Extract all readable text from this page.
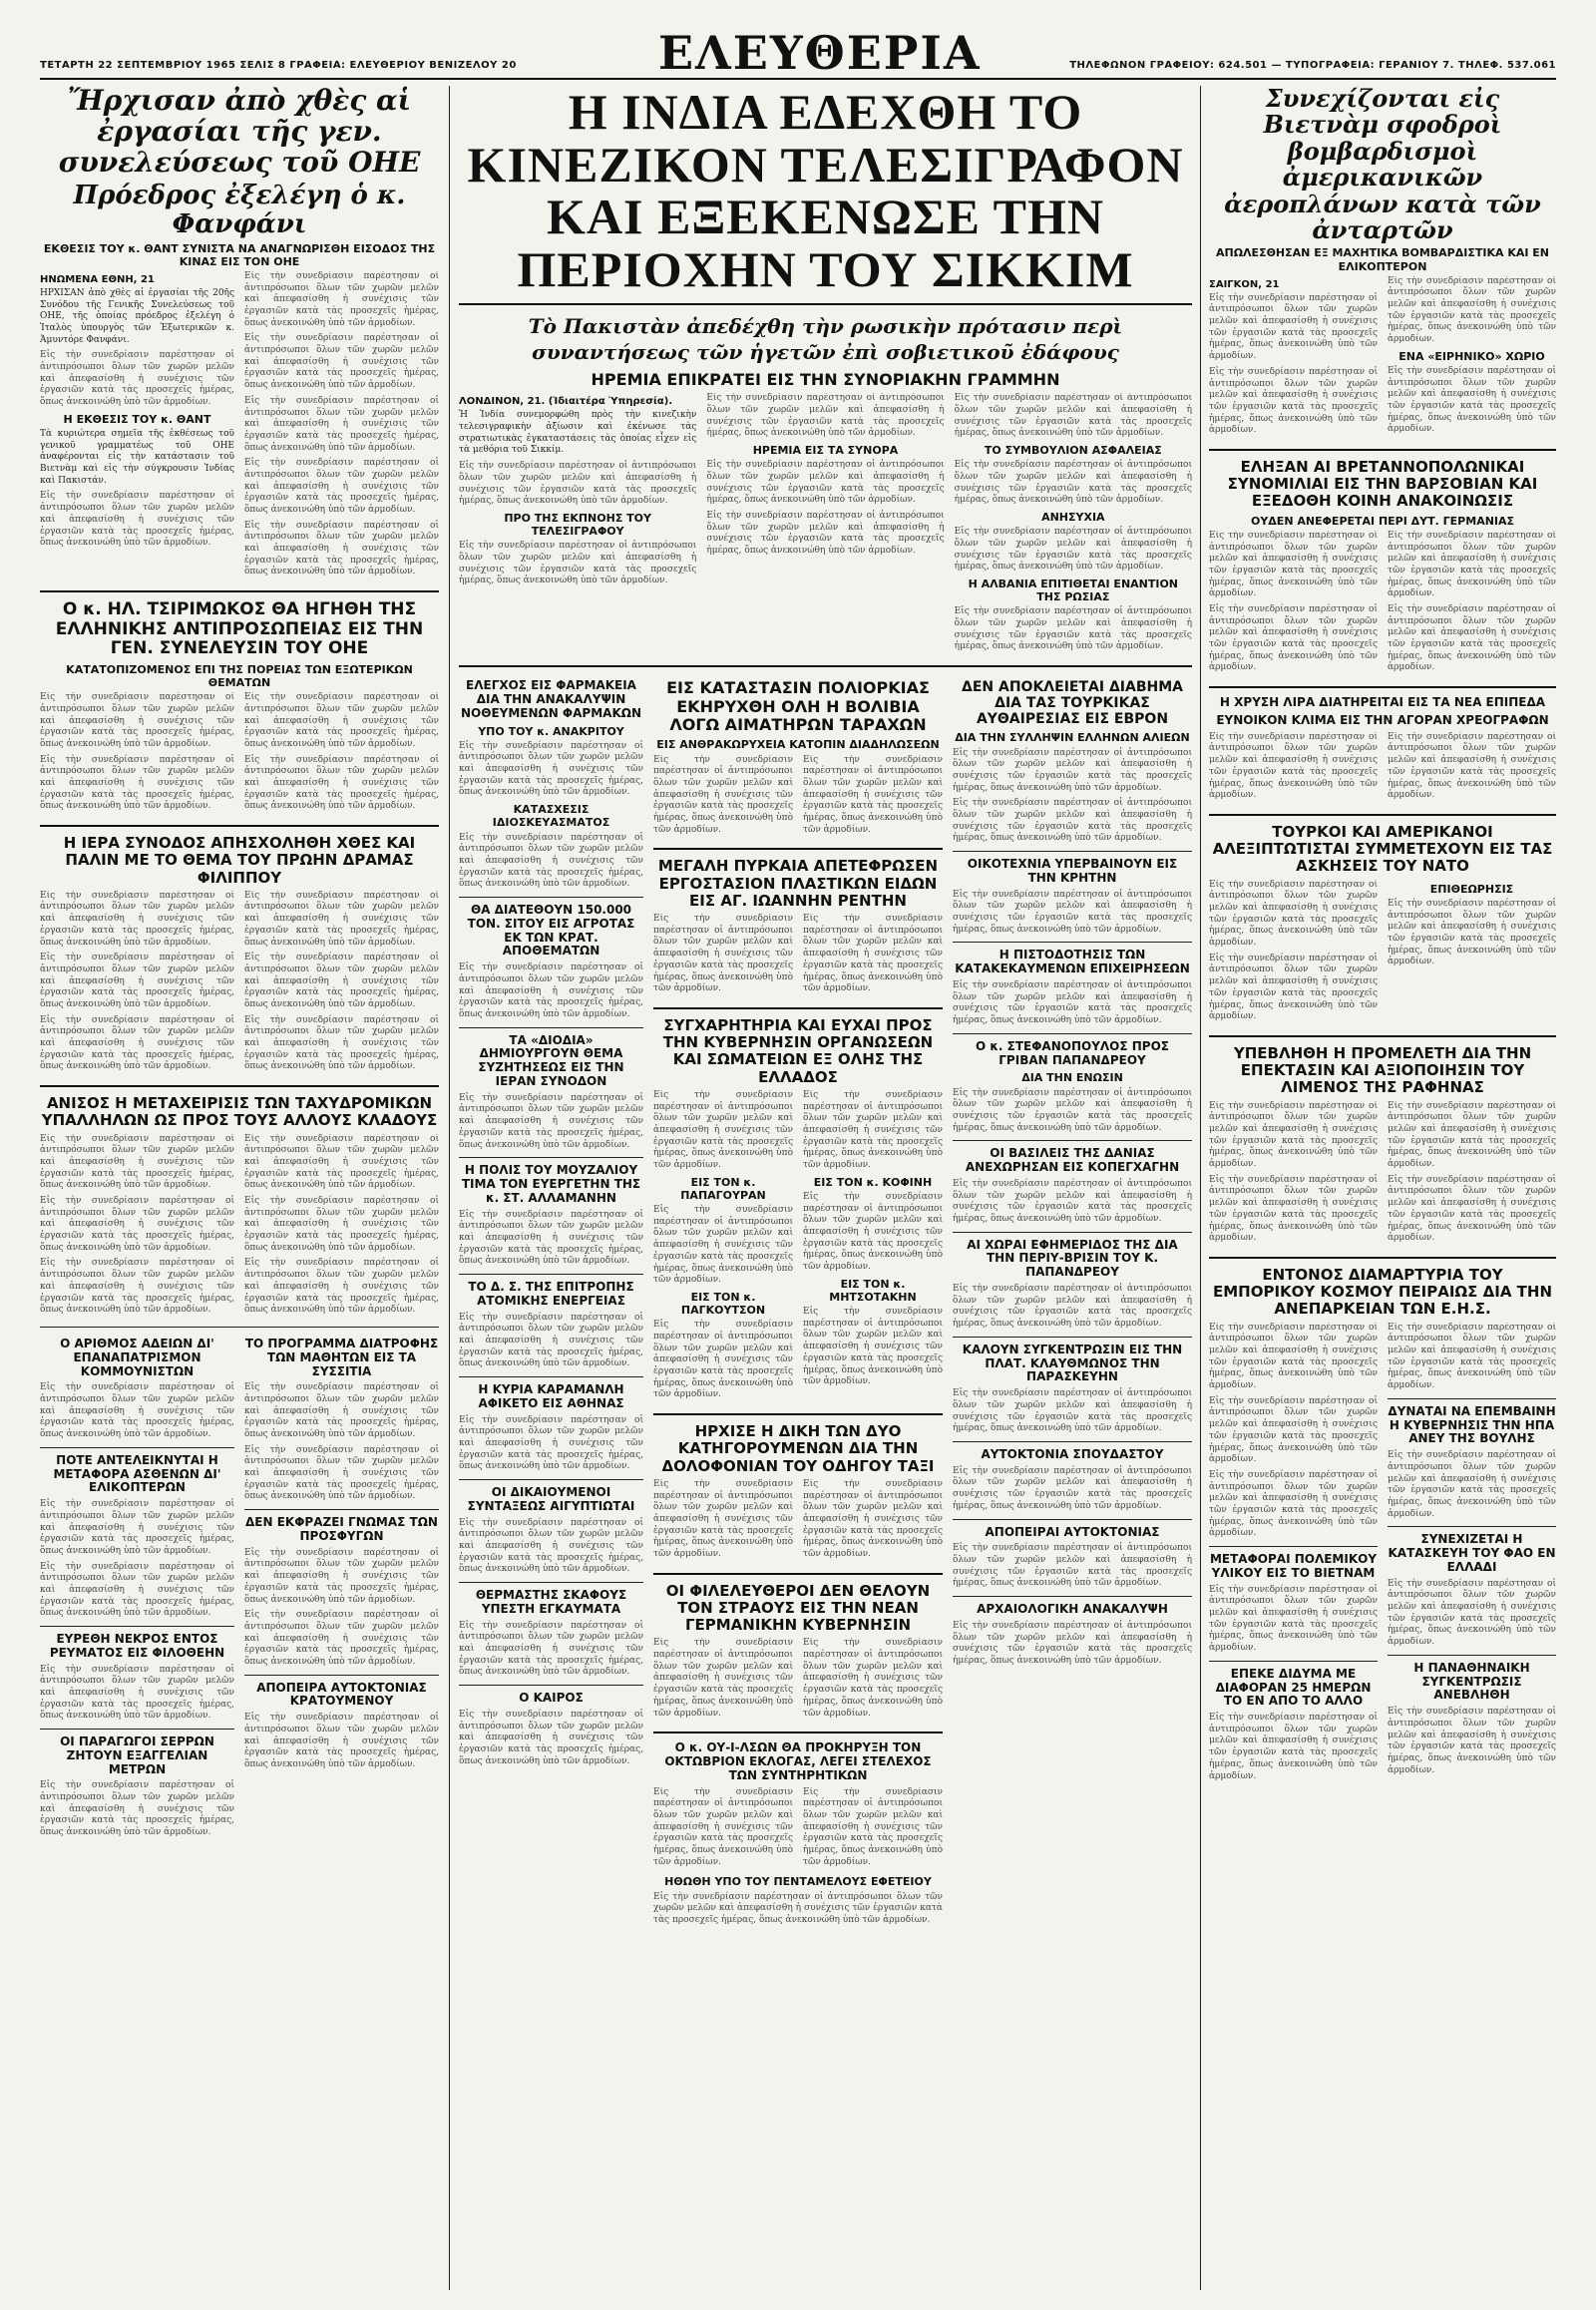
ΤΕΤΑΡΤΗ 22 ΣΕΠΤΕΜΒΡΙΟΥ 1965 ΣΕΛΙΣ 8 ΓΡΑΦΕΙΑ: ΕΛΕΥΘΕΡΙΟΥ ΒΕΝΙΖΕΛΟΥ 20	ΕΛΕΥΘΕΡΙΑ	ΤΗΛΕΦΩΝΟΝ ΓΡΑΦΕΙΟΥ: 624.501 — ΤΥΠΟΓΡΑΦΕΙΑ: ΓΕΡΑΝΙΟΥ 7. ΤΗΛΕΦ. 537.061
Ἤρχισαν ἀπὸ χθὲς αἱ ἐργασίαι τῆς γεν. συνελεύσεως τοῦ ΟΗΕ
Πρόεδρος ἐξελέγη ὁ κ. Φανφάνι
ΕΚΘΕΣΙΣ ΤΟΥ κ. ΘΑΝΤ ΣΥΝΙΣΤΑ ΝΑ ΑΝΑΓΝΩΡΙΣΘΗ ΕΙΣΟΔΟΣ ΤΗΣ ΚΙΝΑΣ ΕΙΣ ΤΟΝ ΟΗΕ
ΗΝΩΜΕΝΑ ΕΘΝΗ, 21

ΗΡΧΙΣΑΝ ἀπὸ χθὲς αἱ ἐργασίαι τῆς 20ῆς Συνόδου τῆς Γενικῆς Συνελεύσεως τοῦ ΟΗΕ, τῆς ὁποίας πρόεδρος ἐξελέγη ὁ Ἰταλὸς ὑπουργὸς τῶν Ἐξωτερικῶν κ. Ἀμυντόρε Φανφάνι.

Εἰς τὴν συνεδρίασιν παρέστησαν οἱ ἀντιπρόσωποι ὅλων τῶν χωρῶν μελῶν καὶ ἀπεφασίσθη ἡ συνέχισις τῶν ἐργασιῶν κατὰ τὰς προσεχεῖς ἡμέρας, ὅπως ἀνεκοινώθη ὑπὸ τῶν ἁρμοδίων.

Η ΕΚΘΕΣΙΣ ΤΟΥ κ. ΘΑΝΤ

Τὰ κυριώτερα σημεῖα τῆς ἐκθέσεως τοῦ γενικοῦ γραμματέως τοῦ ΟΗΕ ἀναφέρονται εἰς τὴν κατάστασιν τοῦ Βιετνὰμ καὶ εἰς τὴν σύγκρουσιν Ἰνδίας καὶ Πακιστάν.

Εἰς τὴν συνεδρίασιν παρέστησαν οἱ ἀντιπρόσωποι ὅλων τῶν χωρῶν μελῶν καὶ ἀπεφασίσθη ἡ συνέχισις τῶν ἐργασιῶν κατὰ τὰς προσεχεῖς ἡμέρας, ὅπως ἀνεκοινώθη ὑπὸ τῶν ἁρμοδίων.

Εἰς τὴν συνεδρίασιν παρέστησαν οἱ ἀντιπρόσωποι ὅλων τῶν χωρῶν μελῶν καὶ ἀπεφασίσθη ἡ συνέχισις τῶν ἐργασιῶν κατὰ τὰς προσεχεῖς ἡμέρας, ὅπως ἀνεκοινώθη ὑπὸ τῶν ἁρμοδίων.

Εἰς τὴν συνεδρίασιν παρέστησαν οἱ ἀντιπρόσωποι ὅλων τῶν χωρῶν μελῶν καὶ ἀπεφασίσθη ἡ συνέχισις τῶν ἐργασιῶν κατὰ τὰς προσεχεῖς ἡμέρας, ὅπως ἀνεκοινώθη ὑπὸ τῶν ἁρμοδίων.

Εἰς τὴν συνεδρίασιν παρέστησαν οἱ ἀντιπρόσωποι ὅλων τῶν χωρῶν μελῶν καὶ ἀπεφασίσθη ἡ συνέχισις τῶν ἐργασιῶν κατὰ τὰς προσεχεῖς ἡμέρας, ὅπως ἀνεκοινώθη ὑπὸ τῶν ἁρμοδίων.

Εἰς τὴν συνεδρίασιν παρέστησαν οἱ ἀντιπρόσωποι ὅλων τῶν χωρῶν μελῶν καὶ ἀπεφασίσθη ἡ συνέχισις τῶν ἐργασιῶν κατὰ τὰς προσεχεῖς ἡμέρας, ὅπως ἀνεκοινώθη ὑπὸ τῶν ἁρμοδίων.

Εἰς τὴν συνεδρίασιν παρέστησαν οἱ ἀντιπρόσωποι ὅλων τῶν χωρῶν μελῶν καὶ ἀπεφασίσθη ἡ συνέχισις τῶν ἐργασιῶν κατὰ τὰς προσεχεῖς ἡμέρας, ὅπως ἀνεκοινώθη ὑπὸ τῶν ἁρμοδίων.

Ο κ. ΗΛ. ΤΣΙΡΙΜΩΚΟΣ ΘΑ ΗΓΗΘΗ ΤΗΣ ΕΛΛΗΝΙΚΗΣ ΑΝΤΙΠΡΟΣΩΠΕΙΑΣ ΕΙΣ ΤΗΝ ΓΕΝ. ΣΥΝΕΛΕΥΣΙΝ ΤΟΥ ΟΗΕ
ΚΑΤΑΤΟΠΙΖΟΜΕΝΟΣ ΕΠΙ ΤΗΣ ΠΟΡΕΙΑΣ ΤΩΝ ΕΞΩΤΕΡΙΚΩΝ ΘΕΜΑΤΩΝ

Εἰς τὴν συνεδρίασιν παρέστησαν οἱ ἀντιπρόσωποι ὅλων τῶν χωρῶν μελῶν καὶ ἀπεφασίσθη ἡ συνέχισις τῶν ἐργασιῶν κατὰ τὰς προσεχεῖς ἡμέρας, ὅπως ἀνεκοινώθη ὑπὸ τῶν ἁρμοδίων.

Εἰς τὴν συνεδρίασιν παρέστησαν οἱ ἀντιπρόσωποι ὅλων τῶν χωρῶν μελῶν καὶ ἀπεφασίσθη ἡ συνέχισις τῶν ἐργασιῶν κατὰ τὰς προσεχεῖς ἡμέρας, ὅπως ἀνεκοινώθη ὑπὸ τῶν ἁρμοδίων.

Εἰς τὴν συνεδρίασιν παρέστησαν οἱ ἀντιπρόσωποι ὅλων τῶν χωρῶν μελῶν καὶ ἀπεφασίσθη ἡ συνέχισις τῶν ἐργασιῶν κατὰ τὰς προσεχεῖς ἡμέρας, ὅπως ἀνεκοινώθη ὑπὸ τῶν ἁρμοδίων.

Εἰς τὴν συνεδρίασιν παρέστησαν οἱ ἀντιπρόσωποι ὅλων τῶν χωρῶν μελῶν καὶ ἀπεφασίσθη ἡ συνέχισις τῶν ἐργασιῶν κατὰ τὰς προσεχεῖς ἡμέρας, ὅπως ἀνεκοινώθη ὑπὸ τῶν ἁρμοδίων.

Η ΙΕΡΑ ΣΥΝΟΔΟΣ ΑΠΗΣΧΟΛΗΘΗ ΧΘΕΣ ΚΑΙ ΠΑΛΙΝ ΜΕ ΤΟ ΘΕΜΑ ΤΟΥ ΠΡΩΗΝ ΔΡΑΜΑΣ ΦΙΛΙΠΠΟΥ

Εἰς τὴν συνεδρίασιν παρέστησαν οἱ ἀντιπρόσωποι ὅλων τῶν χωρῶν μελῶν καὶ ἀπεφασίσθη ἡ συνέχισις τῶν ἐργασιῶν κατὰ τὰς προσεχεῖς ἡμέρας, ὅπως ἀνεκοινώθη ὑπὸ τῶν ἁρμοδίων.

Εἰς τὴν συνεδρίασιν παρέστησαν οἱ ἀντιπρόσωποι ὅλων τῶν χωρῶν μελῶν καὶ ἀπεφασίσθη ἡ συνέχισις τῶν ἐργασιῶν κατὰ τὰς προσεχεῖς ἡμέρας, ὅπως ἀνεκοινώθη ὑπὸ τῶν ἁρμοδίων.

Εἰς τὴν συνεδρίασιν παρέστησαν οἱ ἀντιπρόσωποι ὅλων τῶν χωρῶν μελῶν καὶ ἀπεφασίσθη ἡ συνέχισις τῶν ἐργασιῶν κατὰ τὰς προσεχεῖς ἡμέρας, ὅπως ἀνεκοινώθη ὑπὸ τῶν ἁρμοδίων.

Εἰς τὴν συνεδρίασιν παρέστησαν οἱ ἀντιπρόσωποι ὅλων τῶν χωρῶν μελῶν καὶ ἀπεφασίσθη ἡ συνέχισις τῶν ἐργασιῶν κατὰ τὰς προσεχεῖς ἡμέρας, ὅπως ἀνεκοινώθη ὑπὸ τῶν ἁρμοδίων.

Εἰς τὴν συνεδρίασιν παρέστησαν οἱ ἀντιπρόσωποι ὅλων τῶν χωρῶν μελῶν καὶ ἀπεφασίσθη ἡ συνέχισις τῶν ἐργασιῶν κατὰ τὰς προσεχεῖς ἡμέρας, ὅπως ἀνεκοινώθη ὑπὸ τῶν ἁρμοδίων.

Εἰς τὴν συνεδρίασιν παρέστησαν οἱ ἀντιπρόσωποι ὅλων τῶν χωρῶν μελῶν καὶ ἀπεφασίσθη ἡ συνέχισις τῶν ἐργασιῶν κατὰ τὰς προσεχεῖς ἡμέρας, ὅπως ἀνεκοινώθη ὑπὸ τῶν ἁρμοδίων.

ΑΝΙΣΟΣ Η ΜΕΤΑΧΕΙΡΙΣΙΣ ΤΩΝ ΤΑΧΥΔΡΟΜΙΚΩΝ ΥΠΑΛΛΗΛΩΝ ΩΣ ΠΡΟΣ ΤΟΥΣ ΑΛΛΟΥΣ ΚΛΑΔΟΥΣ

Εἰς τὴν συνεδρίασιν παρέστησαν οἱ ἀντιπρόσωποι ὅλων τῶν χωρῶν μελῶν καὶ ἀπεφασίσθη ἡ συνέχισις τῶν ἐργασιῶν κατὰ τὰς προσεχεῖς ἡμέρας, ὅπως ἀνεκοινώθη ὑπὸ τῶν ἁρμοδίων.

Εἰς τὴν συνεδρίασιν παρέστησαν οἱ ἀντιπρόσωποι ὅλων τῶν χωρῶν μελῶν καὶ ἀπεφασίσθη ἡ συνέχισις τῶν ἐργασιῶν κατὰ τὰς προσεχεῖς ἡμέρας, ὅπως ἀνεκοινώθη ὑπὸ τῶν ἁρμοδίων.

Εἰς τὴν συνεδρίασιν παρέστησαν οἱ ἀντιπρόσωποι ὅλων τῶν χωρῶν μελῶν καὶ ἀπεφασίσθη ἡ συνέχισις τῶν ἐργασιῶν κατὰ τὰς προσεχεῖς ἡμέρας, ὅπως ἀνεκοινώθη ὑπὸ τῶν ἁρμοδίων.

Εἰς τὴν συνεδρίασιν παρέστησαν οἱ ἀντιπρόσωποι ὅλων τῶν χωρῶν μελῶν καὶ ἀπεφασίσθη ἡ συνέχισις τῶν ἐργασιῶν κατὰ τὰς προσεχεῖς ἡμέρας, ὅπως ἀνεκοινώθη ὑπὸ τῶν ἁρμοδίων.

Εἰς τὴν συνεδρίασιν παρέστησαν οἱ ἀντιπρόσωποι ὅλων τῶν χωρῶν μελῶν καὶ ἀπεφασίσθη ἡ συνέχισις τῶν ἐργασιῶν κατὰ τὰς προσεχεῖς ἡμέρας, ὅπως ἀνεκοινώθη ὑπὸ τῶν ἁρμοδίων.

Εἰς τὴν συνεδρίασιν παρέστησαν οἱ ἀντιπρόσωποι ὅλων τῶν χωρῶν μελῶν καὶ ἀπεφασίσθη ἡ συνέχισις τῶν ἐργασιῶν κατὰ τὰς προσεχεῖς ἡμέρας, ὅπως ἀνεκοινώθη ὑπὸ τῶν ἁρμοδίων.

Ο ΑΡΙΘΜΟΣ ΑΔΕΙΩΝ ΔΙ' ΕΠΑΝΑΠΑΤΡΙΣΜΟΝ ΚΟΜΜΟΥΝΙΣΤΩΝ

Εἰς τὴν συνεδρίασιν παρέστησαν οἱ ἀντιπρόσωποι ὅλων τῶν χωρῶν μελῶν καὶ ἀπεφασίσθη ἡ συνέχισις τῶν ἐργασιῶν κατὰ τὰς προσεχεῖς ἡμέρας, ὅπως ἀνεκοινώθη ὑπὸ τῶν ἁρμοδίων.

ΠΟΤΕ ΑΝΤΕΛΕΙΚΝΥΤΑΙ Η ΜΕΤΑΦΟΡΑ ΑΣΘΕΝΩΝ ΔΙ' ΕΛΙΚΟΠΤΕΡΩΝ

Εἰς τὴν συνεδρίασιν παρέστησαν οἱ ἀντιπρόσωποι ὅλων τῶν χωρῶν μελῶν καὶ ἀπεφασίσθη ἡ συνέχισις τῶν ἐργασιῶν κατὰ τὰς προσεχεῖς ἡμέρας, ὅπως ἀνεκοινώθη ὑπὸ τῶν ἁρμοδίων.

Εἰς τὴν συνεδρίασιν παρέστησαν οἱ ἀντιπρόσωποι ὅλων τῶν χωρῶν μελῶν καὶ ἀπεφασίσθη ἡ συνέχισις τῶν ἐργασιῶν κατὰ τὰς προσεχεῖς ἡμέρας, ὅπως ἀνεκοινώθη ὑπὸ τῶν ἁρμοδίων.

ΕΥΡΕΘΗ ΝΕΚΡΟΣ ΕΝΤΟΣ ΡΕΥΜΑΤΟΣ ΕΙΣ ΦΙΛΟΘΕΗΝ

Εἰς τὴν συνεδρίασιν παρέστησαν οἱ ἀντιπρόσωποι ὅλων τῶν χωρῶν μελῶν καὶ ἀπεφασίσθη ἡ συνέχισις τῶν ἐργασιῶν κατὰ τὰς προσεχεῖς ἡμέρας, ὅπως ἀνεκοινώθη ὑπὸ τῶν ἁρμοδίων.

ΟΙ ΠΑΡΑΓΩΓΟΙ ΣΕΡΡΩΝ ΖΗΤΟΥΝ ΕΞΑΓΓΕΛΙΑΝ ΜΕΤΡΩΝ

Εἰς τὴν συνεδρίασιν παρέστησαν οἱ ἀντιπρόσωποι ὅλων τῶν χωρῶν μελῶν καὶ ἀπεφασίσθη ἡ συνέχισις τῶν ἐργασιῶν κατὰ τὰς προσεχεῖς ἡμέρας, ὅπως ἀνεκοινώθη ὑπὸ τῶν ἁρμοδίων.

ΤΟ ΠΡΟΓΡΑΜΜΑ ΔΙΑΤΡΟΦΗΣ ΤΩΝ ΜΑΘΗΤΩΝ ΕΙΣ ΤΑ ΣΥΣΣΙΤΙΑ

Εἰς τὴν συνεδρίασιν παρέστησαν οἱ ἀντιπρόσωποι ὅλων τῶν χωρῶν μελῶν καὶ ἀπεφασίσθη ἡ συνέχισις τῶν ἐργασιῶν κατὰ τὰς προσεχεῖς ἡμέρας, ὅπως ἀνεκοινώθη ὑπὸ τῶν ἁρμοδίων.

Εἰς τὴν συνεδρίασιν παρέστησαν οἱ ἀντιπρόσωποι ὅλων τῶν χωρῶν μελῶν καὶ ἀπεφασίσθη ἡ συνέχισις τῶν ἐργασιῶν κατὰ τὰς προσεχεῖς ἡμέρας, ὅπως ἀνεκοινώθη ὑπὸ τῶν ἁρμοδίων.

ΔΕΝ ΕΚΦΡΑΖΕΙ ΓΝΩΜΑΣ ΤΩΝ ΠΡΟΣΦΥΓΩΝ

Εἰς τὴν συνεδρίασιν παρέστησαν οἱ ἀντιπρόσωποι ὅλων τῶν χωρῶν μελῶν καὶ ἀπεφασίσθη ἡ συνέχισις τῶν ἐργασιῶν κατὰ τὰς προσεχεῖς ἡμέρας, ὅπως ἀνεκοινώθη ὑπὸ τῶν ἁρμοδίων.

Εἰς τὴν συνεδρίασιν παρέστησαν οἱ ἀντιπρόσωποι ὅλων τῶν χωρῶν μελῶν καὶ ἀπεφασίσθη ἡ συνέχισις τῶν ἐργασιῶν κατὰ τὰς προσεχεῖς ἡμέρας, ὅπως ἀνεκοινώθη ὑπὸ τῶν ἁρμοδίων.

ΑΠΟΠΕΙΡΑ ΑΥΤΟΚΤΟΝΙΑΣ ΚΡΑΤΟΥΜΕΝΟΥ

Εἰς τὴν συνεδρίασιν παρέστησαν οἱ ἀντιπρόσωποι ὅλων τῶν χωρῶν μελῶν καὶ ἀπεφασίσθη ἡ συνέχισις τῶν ἐργασιῶν κατὰ τὰς προσεχεῖς ἡμέρας, ὅπως ἀνεκοινώθη ὑπὸ τῶν ἁρμοδίων.

Η ΙΝΔΙΑ ΕΔΕΧΘΗ ΤΟ ΚΙΝΕΖΙΚΟΝ ΤΕΛΕΣΙΓΡΑΦΟΝ ΚΑΙ ΕΞΕΚΕΝΩΣΕ ΤΗΝ ΠΕΡΙΟΧΗΝ ΤΟΥ ΣΙΚΚΙΜ
Τὸ Πακιστὰν ἀπεδέχθη τὴν ρωσικὴν πρότασιν περὶ συναντήσεως τῶν ἡγετῶν ἐπὶ σοβιετικοῦ ἐδάφους
ΗΡΕΜΙΑ ΕΠΙΚΡΑΤΕΙ ΕΙΣ ΤΗΝ ΣΥΝΟΡΙΑΚΗΝ ΓΡΑΜΜΗΝ
ΛΟΝΔΙΝΟΝ, 21. (Ἰδιαιτέρα Ὑπηρεσία).

Ἡ Ἰνδία συνεμορφώθη πρὸς τὴν κινεζικὴν τελεσιγραφικὴν ἀξίωσιν καὶ ἐκένωσε τὰς στρατιωτικὰς ἐγκαταστάσεις τὰς ὁποίας εἶχεν εἰς τὰ μεθόρια τοῦ Σικκίμ.

Εἰς τὴν συνεδρίασιν παρέστησαν οἱ ἀντιπρόσωποι ὅλων τῶν χωρῶν μελῶν καὶ ἀπεφασίσθη ἡ συνέχισις τῶν ἐργασιῶν κατὰ τὰς προσεχεῖς ἡμέρας, ὅπως ἀνεκοινώθη ὑπὸ τῶν ἁρμοδίων.

ΠΡΟ ΤΗΣ ΕΚΠΝΟΗΣ ΤΟΥ ΤΕΛΕΣΙΓΡΑΦΟΥ

Εἰς τὴν συνεδρίασιν παρέστησαν οἱ ἀντιπρόσωποι ὅλων τῶν χωρῶν μελῶν καὶ ἀπεφασίσθη ἡ συνέχισις τῶν ἐργασιῶν κατὰ τὰς προσεχεῖς ἡμέρας, ὅπως ἀνεκοινώθη ὑπὸ τῶν ἁρμοδίων.

Εἰς τὴν συνεδρίασιν παρέστησαν οἱ ἀντιπρόσωποι ὅλων τῶν χωρῶν μελῶν καὶ ἀπεφασίσθη ἡ συνέχισις τῶν ἐργασιῶν κατὰ τὰς προσεχεῖς ἡμέρας, ὅπως ἀνεκοινώθη ὑπὸ τῶν ἁρμοδίων.

ΗΡΕΜΙΑ ΕΙΣ ΤΑ ΣΥΝΟΡΑ

Εἰς τὴν συνεδρίασιν παρέστησαν οἱ ἀντιπρόσωποι ὅλων τῶν χωρῶν μελῶν καὶ ἀπεφασίσθη ἡ συνέχισις τῶν ἐργασιῶν κατὰ τὰς προσεχεῖς ἡμέρας, ὅπως ἀνεκοινώθη ὑπὸ τῶν ἁρμοδίων.

Εἰς τὴν συνεδρίασιν παρέστησαν οἱ ἀντιπρόσωποι ὅλων τῶν χωρῶν μελῶν καὶ ἀπεφασίσθη ἡ συνέχισις τῶν ἐργασιῶν κατὰ τὰς προσεχεῖς ἡμέρας, ὅπως ἀνεκοινώθη ὑπὸ τῶν ἁρμοδίων.

Εἰς τὴν συνεδρίασιν παρέστησαν οἱ ἀντιπρόσωποι ὅλων τῶν χωρῶν μελῶν καὶ ἀπεφασίσθη ἡ συνέχισις τῶν ἐργασιῶν κατὰ τὰς προσεχεῖς ἡμέρας, ὅπως ἀνεκοινώθη ὑπὸ τῶν ἁρμοδίων.

ΤΟ ΣΥΜΒΟΥΛΙΟΝ ΑΣΦΑΛΕΙΑΣ

Εἰς τὴν συνεδρίασιν παρέστησαν οἱ ἀντιπρόσωποι ὅλων τῶν χωρῶν μελῶν καὶ ἀπεφασίσθη ἡ συνέχισις τῶν ἐργασιῶν κατὰ τὰς προσεχεῖς ἡμέρας, ὅπως ἀνεκοινώθη ὑπὸ τῶν ἁρμοδίων.

ΑΝΗΣΥΧΙΑ

Εἰς τὴν συνεδρίασιν παρέστησαν οἱ ἀντιπρόσωποι ὅλων τῶν χωρῶν μελῶν καὶ ἀπεφασίσθη ἡ συνέχισις τῶν ἐργασιῶν κατὰ τὰς προσεχεῖς ἡμέρας, ὅπως ἀνεκοινώθη ὑπὸ τῶν ἁρμοδίων.

Η ΑΛΒΑΝΙΑ ΕΠΙΤΙΘΕΤΑΙ ΕΝΑΝΤΙΟΝ ΤΗΣ ΡΩΣΙΑΣ

Εἰς τὴν συνεδρίασιν παρέστησαν οἱ ἀντιπρόσωποι ὅλων τῶν χωρῶν μελῶν καὶ ἀπεφασίσθη ἡ συνέχισις τῶν ἐργασιῶν κατὰ τὰς προσεχεῖς ἡμέρας, ὅπως ἀνεκοινώθη ὑπὸ τῶν ἁρμοδίων.

ΕΛΕΓΧΟΣ ΕΙΣ ΦΑΡΜΑΚΕΙΑ ΔΙΑ ΤΗΝ ΑΝΑΚΑΛΥΨΙΝ ΝΟΘΕΥΜΕΝΩΝ ΦΑΡΜΑΚΩΝ
ΥΠΟ ΤΟΥ κ. ΑΝΑΚΡΙΤΟΥ

Εἰς τὴν συνεδρίασιν παρέστησαν οἱ ἀντιπρόσωποι ὅλων τῶν χωρῶν μελῶν καὶ ἀπεφασίσθη ἡ συνέχισις τῶν ἐργασιῶν κατὰ τὰς προσεχεῖς ἡμέρας, ὅπως ἀνεκοινώθη ὑπὸ τῶν ἁρμοδίων.

ΚΑΤΑΣΧΕΣΙΣ ΙΔΙΟΣΚΕΥΑΣΜΑΤΟΣ

Εἰς τὴν συνεδρίασιν παρέστησαν οἱ ἀντιπρόσωποι ὅλων τῶν χωρῶν μελῶν καὶ ἀπεφασίσθη ἡ συνέχισις τῶν ἐργασιῶν κατὰ τὰς προσεχεῖς ἡμέρας, ὅπως ἀνεκοινώθη ὑπὸ τῶν ἁρμοδίων.

ΘΑ ΔΙΑΤΕΘΟΥΝ 150.000 ΤΟΝ. ΣΙΤΟΥ ΕΙΣ ΑΓΡΟΤΑΣ ΕΚ ΤΩΝ ΚΡΑΤ. ΑΠΟΘΕΜΑΤΩΝ

Εἰς τὴν συνεδρίασιν παρέστησαν οἱ ἀντιπρόσωποι ὅλων τῶν χωρῶν μελῶν καὶ ἀπεφασίσθη ἡ συνέχισις τῶν ἐργασιῶν κατὰ τὰς προσεχεῖς ἡμέρας, ὅπως ἀνεκοινώθη ὑπὸ τῶν ἁρμοδίων.

ΤΑ «ΔΙΟΔΙΑ» ΔΗΜΙΟΥΡΓΟΥΝ ΘΕΜΑ ΣΥΖΗΤΗΣΕΩΣ ΕΙΣ ΤΗΝ ΙΕΡΑΝ ΣΥΝΟΔΟΝ

Εἰς τὴν συνεδρίασιν παρέστησαν οἱ ἀντιπρόσωποι ὅλων τῶν χωρῶν μελῶν καὶ ἀπεφασίσθη ἡ συνέχισις τῶν ἐργασιῶν κατὰ τὰς προσεχεῖς ἡμέρας, ὅπως ἀνεκοινώθη ὑπὸ τῶν ἁρμοδίων.

Η ΠΟΛΙΣ ΤΟΥ ΜΟΥΖΑΛΙΟΥ ΤΙΜΑ ΤΟΝ ΕΥΕΡΓΕΤΗΝ ΤΗΣ κ. ΣΤ. ΑΛΛΑΜΑΝΗΝ

Εἰς τὴν συνεδρίασιν παρέστησαν οἱ ἀντιπρόσωποι ὅλων τῶν χωρῶν μελῶν καὶ ἀπεφασίσθη ἡ συνέχισις τῶν ἐργασιῶν κατὰ τὰς προσεχεῖς ἡμέρας, ὅπως ἀνεκοινώθη ὑπὸ τῶν ἁρμοδίων.

ΤΟ Δ. Σ. ΤΗΣ ΕΠΙΤΡΟΠΗΣ ΑΤΟΜΙΚΗΣ ΕΝΕΡΓΕΙΑΣ

Εἰς τὴν συνεδρίασιν παρέστησαν οἱ ἀντιπρόσωποι ὅλων τῶν χωρῶν μελῶν καὶ ἀπεφασίσθη ἡ συνέχισις τῶν ἐργασιῶν κατὰ τὰς προσεχεῖς ἡμέρας, ὅπως ἀνεκοινώθη ὑπὸ τῶν ἁρμοδίων.

Η ΚΥΡΙΑ ΚΑΡΑΜΑΝΛΗ ΑΦΙΚΕΤΟ ΕΙΣ ΑΘΗΝΑΣ

Εἰς τὴν συνεδρίασιν παρέστησαν οἱ ἀντιπρόσωποι ὅλων τῶν χωρῶν μελῶν καὶ ἀπεφασίσθη ἡ συνέχισις τῶν ἐργασιῶν κατὰ τὰς προσεχεῖς ἡμέρας, ὅπως ἀνεκοινώθη ὑπὸ τῶν ἁρμοδίων.

ΟΙ ΔΙΚΑΙΟΥΜΕΝΟΙ ΣΥΝΤΑΞΕΩΣ ΑΙΓΥΠΤΙΩΤΑΙ

Εἰς τὴν συνεδρίασιν παρέστησαν οἱ ἀντιπρόσωποι ὅλων τῶν χωρῶν μελῶν καὶ ἀπεφασίσθη ἡ συνέχισις τῶν ἐργασιῶν κατὰ τὰς προσεχεῖς ἡμέρας, ὅπως ἀνεκοινώθη ὑπὸ τῶν ἁρμοδίων.

ΘΕΡΜΑΣΤΗΣ ΣΚΑΦΟΥΣ ΥΠΕΣΤΗ ΕΓΚΑΥΜΑΤΑ

Εἰς τὴν συνεδρίασιν παρέστησαν οἱ ἀντιπρόσωποι ὅλων τῶν χωρῶν μελῶν καὶ ἀπεφασίσθη ἡ συνέχισις τῶν ἐργασιῶν κατὰ τὰς προσεχεῖς ἡμέρας, ὅπως ἀνεκοινώθη ὑπὸ τῶν ἁρμοδίων.

Ο ΚΑΙΡΟΣ

Εἰς τὴν συνεδρίασιν παρέστησαν οἱ ἀντιπρόσωποι ὅλων τῶν χωρῶν μελῶν καὶ ἀπεφασίσθη ἡ συνέχισις τῶν ἐργασιῶν κατὰ τὰς προσεχεῖς ἡμέρας, ὅπως ἀνεκοινώθη ὑπὸ τῶν ἁρμοδίων.

ΕΙΣ ΚΑΤΑΣΤΑΣΙΝ ΠΟΛΙΟΡΚΙΑΣ ΕΚΗΡΥΧΘΗ ΟΛΗ Η ΒΟΛΙΒΙΑ ΛΟΓΩ ΑΙΜΑΤΗΡΩΝ ΤΑΡΑΧΩΝ
ΕΙΣ ΑΝΘΡΑΚΩΡΥΧΕΙΑ ΚΑΤΟΠΙΝ ΔΙΑΔΗΛΩΣΕΩΝ

Εἰς τὴν συνεδρίασιν παρέστησαν οἱ ἀντιπρόσωποι ὅλων τῶν χωρῶν μελῶν καὶ ἀπεφασίσθη ἡ συνέχισις τῶν ἐργασιῶν κατὰ τὰς προσεχεῖς ἡμέρας, ὅπως ἀνεκοινώθη ὑπὸ τῶν ἁρμοδίων.

Εἰς τὴν συνεδρίασιν παρέστησαν οἱ ἀντιπρόσωποι ὅλων τῶν χωρῶν μελῶν καὶ ἀπεφασίσθη ἡ συνέχισις τῶν ἐργασιῶν κατὰ τὰς προσεχεῖς ἡμέρας, ὅπως ἀνεκοινώθη ὑπὸ τῶν ἁρμοδίων.

ΜΕΓΑΛΗ ΠΥΡΚΑΙΑ ΑΠΕΤΕΦΡΩΣΕΝ ΕΡΓΟΣΤΑΣΙΟΝ ΠΛΑΣΤΙΚΩΝ ΕΙΔΩΝ ΕΙΣ ΑΓ. ΙΩΑΝΝΗΝ ΡΕΝΤΗΝ

Εἰς τὴν συνεδρίασιν παρέστησαν οἱ ἀντιπρόσωποι ὅλων τῶν χωρῶν μελῶν καὶ ἀπεφασίσθη ἡ συνέχισις τῶν ἐργασιῶν κατὰ τὰς προσεχεῖς ἡμέρας, ὅπως ἀνεκοινώθη ὑπὸ τῶν ἁρμοδίων.

Εἰς τὴν συνεδρίασιν παρέστησαν οἱ ἀντιπρόσωποι ὅλων τῶν χωρῶν μελῶν καὶ ἀπεφασίσθη ἡ συνέχισις τῶν ἐργασιῶν κατὰ τὰς προσεχεῖς ἡμέρας, ὅπως ἀνεκοινώθη ὑπὸ τῶν ἁρμοδίων.

ΣΥΓΧΑΡΗΤΗΡΙΑ ΚΑΙ ΕΥΧΑΙ ΠΡΟΣ ΤΗΝ ΚΥΒΕΡΝΗΣΙΝ ΟΡΓΑΝΩΣΕΩΝ ΚΑΙ ΣΩΜΑΤΕΙΩΝ ΕΞ ΟΛΗΣ ΤΗΣ ΕΛΛΑΔΟΣ

Εἰς τὴν συνεδρίασιν παρέστησαν οἱ ἀντιπρόσωποι ὅλων τῶν χωρῶν μελῶν καὶ ἀπεφασίσθη ἡ συνέχισις τῶν ἐργασιῶν κατὰ τὰς προσεχεῖς ἡμέρας, ὅπως ἀνεκοινώθη ὑπὸ τῶν ἁρμοδίων.

ΕΙΣ ΤΟΝ κ. ΠΑΠΑΓΟΥΡΑΝ

Εἰς τὴν συνεδρίασιν παρέστησαν οἱ ἀντιπρόσωποι ὅλων τῶν χωρῶν μελῶν καὶ ἀπεφασίσθη ἡ συνέχισις τῶν ἐργασιῶν κατὰ τὰς προσεχεῖς ἡμέρας, ὅπως ἀνεκοινώθη ὑπὸ τῶν ἁρμοδίων.

ΕΙΣ ΤΟΝ κ. ΠΑΓΚΟΥΤΣΟΝ

Εἰς τὴν συνεδρίασιν παρέστησαν οἱ ἀντιπρόσωποι ὅλων τῶν χωρῶν μελῶν καὶ ἀπεφασίσθη ἡ συνέχισις τῶν ἐργασιῶν κατὰ τὰς προσεχεῖς ἡμέρας, ὅπως ἀνεκοινώθη ὑπὸ τῶν ἁρμοδίων.

Εἰς τὴν συνεδρίασιν παρέστησαν οἱ ἀντιπρόσωποι ὅλων τῶν χωρῶν μελῶν καὶ ἀπεφασίσθη ἡ συνέχισις τῶν ἐργασιῶν κατὰ τὰς προσεχεῖς ἡμέρας, ὅπως ἀνεκοινώθη ὑπὸ τῶν ἁρμοδίων.

ΕΙΣ ΤΟΝ κ. ΚΟΦΙΝΗ

Εἰς τὴν συνεδρίασιν παρέστησαν οἱ ἀντιπρόσωποι ὅλων τῶν χωρῶν μελῶν καὶ ἀπεφασίσθη ἡ συνέχισις τῶν ἐργασιῶν κατὰ τὰς προσεχεῖς ἡμέρας, ὅπως ἀνεκοινώθη ὑπὸ τῶν ἁρμοδίων.

ΕΙΣ ΤΟΝ κ. ΜΗΤΣΟΤΑΚΗΝ

Εἰς τὴν συνεδρίασιν παρέστησαν οἱ ἀντιπρόσωποι ὅλων τῶν χωρῶν μελῶν καὶ ἀπεφασίσθη ἡ συνέχισις τῶν ἐργασιῶν κατὰ τὰς προσεχεῖς ἡμέρας, ὅπως ἀνεκοινώθη ὑπὸ τῶν ἁρμοδίων.

ΗΡΧΙΣΕ Η ΔΙΚΗ ΤΩΝ ΔΥΟ ΚΑΤΗΓΟΡΟΥΜΕΝΩΝ ΔΙΑ ΤΗΝ ΔΟΛΟΦΟΝΙΑΝ ΤΟΥ ΟΔΗΓΟΥ ΤΑΞΙ

Εἰς τὴν συνεδρίασιν παρέστησαν οἱ ἀντιπρόσωποι ὅλων τῶν χωρῶν μελῶν καὶ ἀπεφασίσθη ἡ συνέχισις τῶν ἐργασιῶν κατὰ τὰς προσεχεῖς ἡμέρας, ὅπως ἀνεκοινώθη ὑπὸ τῶν ἁρμοδίων.

Εἰς τὴν συνεδρίασιν παρέστησαν οἱ ἀντιπρόσωποι ὅλων τῶν χωρῶν μελῶν καὶ ἀπεφασίσθη ἡ συνέχισις τῶν ἐργασιῶν κατὰ τὰς προσεχεῖς ἡμέρας, ὅπως ἀνεκοινώθη ὑπὸ τῶν ἁρμοδίων.

ΟΙ ΦΙΛΕΛΕΥΘΕΡΟΙ ΔΕΝ ΘΕΛΟΥΝ ΤΟΝ ΣΤΡΑΟΥΣ ΕΙΣ ΤΗΝ ΝΕΑΝ ΓΕΡΜΑΝΙΚΗΝ ΚΥΒΕΡΝΗΣΙΝ

Εἰς τὴν συνεδρίασιν παρέστησαν οἱ ἀντιπρόσωποι ὅλων τῶν χωρῶν μελῶν καὶ ἀπεφασίσθη ἡ συνέχισις τῶν ἐργασιῶν κατὰ τὰς προσεχεῖς ἡμέρας, ὅπως ἀνεκοινώθη ὑπὸ τῶν ἁρμοδίων.

Εἰς τὴν συνεδρίασιν παρέστησαν οἱ ἀντιπρόσωποι ὅλων τῶν χωρῶν μελῶν καὶ ἀπεφασίσθη ἡ συνέχισις τῶν ἐργασιῶν κατὰ τὰς προσεχεῖς ἡμέρας, ὅπως ἀνεκοινώθη ὑπὸ τῶν ἁρμοδίων.

Ο κ. ΟΥ-Ι-ΛΣΩΝ ΘΑ ΠΡΟΚΗΡΥΞΗ ΤΟΝ ΟΚΤΩΒΡΙΟΝ ΕΚΛΟΓΑΣ, ΛΕΓΕΙ ΣΤΕΛΕΧΟΣ ΤΩΝ ΣΥΝΤΗΡΗΤΙΚΩΝ

Εἰς τὴν συνεδρίασιν παρέστησαν οἱ ἀντιπρόσωποι ὅλων τῶν χωρῶν μελῶν καὶ ἀπεφασίσθη ἡ συνέχισις τῶν ἐργασιῶν κατὰ τὰς προσεχεῖς ἡμέρας, ὅπως ἀνεκοινώθη ὑπὸ τῶν ἁρμοδίων.

Εἰς τὴν συνεδρίασιν παρέστησαν οἱ ἀντιπρόσωποι ὅλων τῶν χωρῶν μελῶν καὶ ἀπεφασίσθη ἡ συνέχισις τῶν ἐργασιῶν κατὰ τὰς προσεχεῖς ἡμέρας, ὅπως ἀνεκοινώθη ὑπὸ τῶν ἁρμοδίων.

ΗΘΩΘΗ ΥΠΟ ΤΟΥ ΠΕΝΤΑΜΕΛΟΥΣ ΕΦΕΤΕΙΟΥ

Εἰς τὴν συνεδρίασιν παρέστησαν οἱ ἀντιπρόσωποι ὅλων τῶν χωρῶν μελῶν καὶ ἀπεφασίσθη ἡ συνέχισις τῶν ἐργασιῶν κατὰ τὰς προσεχεῖς ἡμέρας, ὅπως ἀνεκοινώθη ὑπὸ τῶν ἁρμοδίων.

ΔΕΝ ΑΠΟΚΛΕΙΕΤΑΙ ΔΙΑΒΗΜΑ ΔΙΑ ΤΑΣ ΤΟΥΡΚΙΚΑΣ ΑΥΘΑΙΡΕΣΙΑΣ ΕΙΣ ΕΒΡΟΝ
ΔΙΑ ΤΗΝ ΣΥΛΛΗΨΙΝ ΕΛΛΗΝΩΝ ΑΛΙΕΩΝ

Εἰς τὴν συνεδρίασιν παρέστησαν οἱ ἀντιπρόσωποι ὅλων τῶν χωρῶν μελῶν καὶ ἀπεφασίσθη ἡ συνέχισις τῶν ἐργασιῶν κατὰ τὰς προσεχεῖς ἡμέρας, ὅπως ἀνεκοινώθη ὑπὸ τῶν ἁρμοδίων.

Εἰς τὴν συνεδρίασιν παρέστησαν οἱ ἀντιπρόσωποι ὅλων τῶν χωρῶν μελῶν καὶ ἀπεφασίσθη ἡ συνέχισις τῶν ἐργασιῶν κατὰ τὰς προσεχεῖς ἡμέρας, ὅπως ἀνεκοινώθη ὑπὸ τῶν ἁρμοδίων.

ΟΙΚΟΤΕΧΝΙΑ ΥΠΕΡΒΑΙΝΟΥΝ ΕΙΣ ΤΗΝ ΚΡΗΤΗΝ

Εἰς τὴν συνεδρίασιν παρέστησαν οἱ ἀντιπρόσωποι ὅλων τῶν χωρῶν μελῶν καὶ ἀπεφασίσθη ἡ συνέχισις τῶν ἐργασιῶν κατὰ τὰς προσεχεῖς ἡμέρας, ὅπως ἀνεκοινώθη ὑπὸ τῶν ἁρμοδίων.

Η ΠΙΣΤΟΔΟΤΗΣΙΣ ΤΩΝ ΚΑΤΑΚΕΚΑΥΜΕΝΩΝ ΕΠΙΧΕΙΡΗΣΕΩΝ

Εἰς τὴν συνεδρίασιν παρέστησαν οἱ ἀντιπρόσωποι ὅλων τῶν χωρῶν μελῶν καὶ ἀπεφασίσθη ἡ συνέχισις τῶν ἐργασιῶν κατὰ τὰς προσεχεῖς ἡμέρας, ὅπως ἀνεκοινώθη ὑπὸ τῶν ἁρμοδίων.

Ο κ. ΣΤΕΦΑΝΟΠΟΥΛΟΣ ΠΡΟΣ ΓΡΙΒΑΝ ΠΑΠΑΝΔΡΕΟΥ
ΔΙΑ ΤΗΝ ΕΝΩΣΙΝ

Εἰς τὴν συνεδρίασιν παρέστησαν οἱ ἀντιπρόσωποι ὅλων τῶν χωρῶν μελῶν καὶ ἀπεφασίσθη ἡ συνέχισις τῶν ἐργασιῶν κατὰ τὰς προσεχεῖς ἡμέρας, ὅπως ἀνεκοινώθη ὑπὸ τῶν ἁρμοδίων.

ΟΙ ΒΑΣΙΛΕΙΣ ΤΗΣ ΔΑΝΙΑΣ ΑΝΕΧΩΡΗΣΑΝ ΕΙΣ ΚΟΠΕΓΧΑΓΗΝ

Εἰς τὴν συνεδρίασιν παρέστησαν οἱ ἀντιπρόσωποι ὅλων τῶν χωρῶν μελῶν καὶ ἀπεφασίσθη ἡ συνέχισις τῶν ἐργασιῶν κατὰ τὰς προσεχεῖς ἡμέρας, ὅπως ἀνεκοινώθη ὑπὸ τῶν ἁρμοδίων.

ΑΙ ΧΩΡΑΙ ΕΦΗΜΕΡΙΔΟΣ ΤΗΣ ΔΙΑ ΤΗΝ ΠΕΡΙΥ-ΒΡΙΣΙΝ ΤΟΥ Κ. ΠΑΠΑΝΔΡΕΟΥ

Εἰς τὴν συνεδρίασιν παρέστησαν οἱ ἀντιπρόσωποι ὅλων τῶν χωρῶν μελῶν καὶ ἀπεφασίσθη ἡ συνέχισις τῶν ἐργασιῶν κατὰ τὰς προσεχεῖς ἡμέρας, ὅπως ἀνεκοινώθη ὑπὸ τῶν ἁρμοδίων.

ΚΑΛΟΥΝ ΣΥΓΚΕΝΤΡΩΣΙΝ ΕΙΣ ΤΗΝ ΠΛΑΤ. ΚΛΑΥΘΜΩΝΟΣ ΤΗΝ ΠΑΡΑΣΚΕΥΗΝ

Εἰς τὴν συνεδρίασιν παρέστησαν οἱ ἀντιπρόσωποι ὅλων τῶν χωρῶν μελῶν καὶ ἀπεφασίσθη ἡ συνέχισις τῶν ἐργασιῶν κατὰ τὰς προσεχεῖς ἡμέρας, ὅπως ἀνεκοινώθη ὑπὸ τῶν ἁρμοδίων.

ΑΥΤΟΚΤΟΝΙΑ ΣΠΟΥΔΑΣΤΟΥ

Εἰς τὴν συνεδρίασιν παρέστησαν οἱ ἀντιπρόσωποι ὅλων τῶν χωρῶν μελῶν καὶ ἀπεφασίσθη ἡ συνέχισις τῶν ἐργασιῶν κατὰ τὰς προσεχεῖς ἡμέρας, ὅπως ἀνεκοινώθη ὑπὸ τῶν ἁρμοδίων.

ΑΠΟΠΕΙΡΑΙ ΑΥΤΟΚΤΟΝΙΑΣ

Εἰς τὴν συνεδρίασιν παρέστησαν οἱ ἀντιπρόσωποι ὅλων τῶν χωρῶν μελῶν καὶ ἀπεφασίσθη ἡ συνέχισις τῶν ἐργασιῶν κατὰ τὰς προσεχεῖς ἡμέρας, ὅπως ἀνεκοινώθη ὑπὸ τῶν ἁρμοδίων.

ΑΡΧΑΙΟΛΟΓΙΚΗ ΑΝΑΚΑΛΥΨΗ

Εἰς τὴν συνεδρίασιν παρέστησαν οἱ ἀντιπρόσωποι ὅλων τῶν χωρῶν μελῶν καὶ ἀπεφασίσθη ἡ συνέχισις τῶν ἐργασιῶν κατὰ τὰς προσεχεῖς ἡμέρας, ὅπως ἀνεκοινώθη ὑπὸ τῶν ἁρμοδίων.

Συνεχίζονται εἰς Βιετνὰμ σφοδροὶ βομβαρδισμοὶ ἀμερικανικῶν ἀεροπλάνων κατὰ τῶν ἀνταρτῶν
ΑΠΩΛΕΣΘΗΣΑΝ ΕΞ ΜΑΧΗΤΙΚΑ ΒΟΜΒΑΡΔΙΣΤΙΚΑ ΚΑΙ ΕΝ ΕΛΙΚΟΠΤΕΡΟΝ
ΣΑΙΓΚΟΝ, 21

Εἰς τὴν συνεδρίασιν παρέστησαν οἱ ἀντιπρόσωποι ὅλων τῶν χωρῶν μελῶν καὶ ἀπεφασίσθη ἡ συνέχισις τῶν ἐργασιῶν κατὰ τὰς προσεχεῖς ἡμέρας, ὅπως ἀνεκοινώθη ὑπὸ τῶν ἁρμοδίων.

Εἰς τὴν συνεδρίασιν παρέστησαν οἱ ἀντιπρόσωποι ὅλων τῶν χωρῶν μελῶν καὶ ἀπεφασίσθη ἡ συνέχισις τῶν ἐργασιῶν κατὰ τὰς προσεχεῖς ἡμέρας, ὅπως ἀνεκοινώθη ὑπὸ τῶν ἁρμοδίων.

Εἰς τὴν συνεδρίασιν παρέστησαν οἱ ἀντιπρόσωποι ὅλων τῶν χωρῶν μελῶν καὶ ἀπεφασίσθη ἡ συνέχισις τῶν ἐργασιῶν κατὰ τὰς προσεχεῖς ἡμέρας, ὅπως ἀνεκοινώθη ὑπὸ τῶν ἁρμοδίων.

ΕΝΑ «ΕΙΡΗΝΙΚΟ» ΧΩΡΙΟ

Εἰς τὴν συνεδρίασιν παρέστησαν οἱ ἀντιπρόσωποι ὅλων τῶν χωρῶν μελῶν καὶ ἀπεφασίσθη ἡ συνέχισις τῶν ἐργασιῶν κατὰ τὰς προσεχεῖς ἡμέρας, ὅπως ἀνεκοινώθη ὑπὸ τῶν ἁρμοδίων.

ΕΛΗΞΑΝ ΑΙ ΒΡΕΤΑΝΝΟΠΟΛΩΝΙΚΑΙ ΣΥΝΟΜΙΛΙΑΙ ΕΙΣ ΤΗΝ ΒΑΡΣΟΒΙΑΝ ΚΑΙ ΕΞΕΔΟΘΗ ΚΟΙΝΗ ΑΝΑΚΟΙΝΩΣΙΣ
ΟΥΔΕΝ ΑΝΕΦΕΡΕΤΑΙ ΠΕΡΙ ΔΥΤ. ΓΕΡΜΑΝΙΑΣ

Εἰς τὴν συνεδρίασιν παρέστησαν οἱ ἀντιπρόσωποι ὅλων τῶν χωρῶν μελῶν καὶ ἀπεφασίσθη ἡ συνέχισις τῶν ἐργασιῶν κατὰ τὰς προσεχεῖς ἡμέρας, ὅπως ἀνεκοινώθη ὑπὸ τῶν ἁρμοδίων.

Εἰς τὴν συνεδρίασιν παρέστησαν οἱ ἀντιπρόσωποι ὅλων τῶν χωρῶν μελῶν καὶ ἀπεφασίσθη ἡ συνέχισις τῶν ἐργασιῶν κατὰ τὰς προσεχεῖς ἡμέρας, ὅπως ἀνεκοινώθη ὑπὸ τῶν ἁρμοδίων.

Εἰς τὴν συνεδρίασιν παρέστησαν οἱ ἀντιπρόσωποι ὅλων τῶν χωρῶν μελῶν καὶ ἀπεφασίσθη ἡ συνέχισις τῶν ἐργασιῶν κατὰ τὰς προσεχεῖς ἡμέρας, ὅπως ἀνεκοινώθη ὑπὸ τῶν ἁρμοδίων.

Εἰς τὴν συνεδρίασιν παρέστησαν οἱ ἀντιπρόσωποι ὅλων τῶν χωρῶν μελῶν καὶ ἀπεφασίσθη ἡ συνέχισις τῶν ἐργασιῶν κατὰ τὰς προσεχεῖς ἡμέρας, ὅπως ἀνεκοινώθη ὑπὸ τῶν ἁρμοδίων.

Η ΧΡΥΣΗ ΛΙΡΑ ΔΙΑΤΗΡΕΙΤΑΙ ΕΙΣ ΤΑ ΝΕΑ ΕΠΙΠΕΔΑ
ΕΥΝΟΙΚΟΝ ΚΛΙΜΑ ΕΙΣ ΤΗΝ ΑΓΟΡΑΝ ΧΡΕΟΓΡΑΦΩΝ

Εἰς τὴν συνεδρίασιν παρέστησαν οἱ ἀντιπρόσωποι ὅλων τῶν χωρῶν μελῶν καὶ ἀπεφασίσθη ἡ συνέχισις τῶν ἐργασιῶν κατὰ τὰς προσεχεῖς ἡμέρας, ὅπως ἀνεκοινώθη ὑπὸ τῶν ἁρμοδίων.

Εἰς τὴν συνεδρίασιν παρέστησαν οἱ ἀντιπρόσωποι ὅλων τῶν χωρῶν μελῶν καὶ ἀπεφασίσθη ἡ συνέχισις τῶν ἐργασιῶν κατὰ τὰς προσεχεῖς ἡμέρας, ὅπως ἀνεκοινώθη ὑπὸ τῶν ἁρμοδίων.

ΤΟΥΡΚΟΙ ΚΑΙ ΑΜΕΡΙΚΑΝΟΙ ΑΛΕΞΙΠΤΩΤΙΣΤΑΙ ΣΥΜΜΕΤΕΧΟΥΝ ΕΙΣ ΤΑΣ ΑΣΚΗΣΕΙΣ ΤΟΥ ΝΑΤΟ

Εἰς τὴν συνεδρίασιν παρέστησαν οἱ ἀντιπρόσωποι ὅλων τῶν χωρῶν μελῶν καὶ ἀπεφασίσθη ἡ συνέχισις τῶν ἐργασιῶν κατὰ τὰς προσεχεῖς ἡμέρας, ὅπως ἀνεκοινώθη ὑπὸ τῶν ἁρμοδίων.

Εἰς τὴν συνεδρίασιν παρέστησαν οἱ ἀντιπρόσωποι ὅλων τῶν χωρῶν μελῶν καὶ ἀπεφασίσθη ἡ συνέχισις τῶν ἐργασιῶν κατὰ τὰς προσεχεῖς ἡμέρας, ὅπως ἀνεκοινώθη ὑπὸ τῶν ἁρμοδίων.

ΕΠΙΘΕΩΡΗΣΙΣ

Εἰς τὴν συνεδρίασιν παρέστησαν οἱ ἀντιπρόσωποι ὅλων τῶν χωρῶν μελῶν καὶ ἀπεφασίσθη ἡ συνέχισις τῶν ἐργασιῶν κατὰ τὰς προσεχεῖς ἡμέρας, ὅπως ἀνεκοινώθη ὑπὸ τῶν ἁρμοδίων.

ΥΠΕΒΛΗΘΗ Η ΠΡΟΜΕΛΕΤΗ ΔΙΑ ΤΗΝ ΕΠΕΚΤΑΣΙΝ ΚΑΙ ΑΞΙΟΠΟΙΗΣΙΝ ΤΟΥ ΛΙΜΕΝΟΣ ΤΗΣ ΡΑΦΗΝΑΣ

Εἰς τὴν συνεδρίασιν παρέστησαν οἱ ἀντιπρόσωποι ὅλων τῶν χωρῶν μελῶν καὶ ἀπεφασίσθη ἡ συνέχισις τῶν ἐργασιῶν κατὰ τὰς προσεχεῖς ἡμέρας, ὅπως ἀνεκοινώθη ὑπὸ τῶν ἁρμοδίων.

Εἰς τὴν συνεδρίασιν παρέστησαν οἱ ἀντιπρόσωποι ὅλων τῶν χωρῶν μελῶν καὶ ἀπεφασίσθη ἡ συνέχισις τῶν ἐργασιῶν κατὰ τὰς προσεχεῖς ἡμέρας, ὅπως ἀνεκοινώθη ὑπὸ τῶν ἁρμοδίων.

Εἰς τὴν συνεδρίασιν παρέστησαν οἱ ἀντιπρόσωποι ὅλων τῶν χωρῶν μελῶν καὶ ἀπεφασίσθη ἡ συνέχισις τῶν ἐργασιῶν κατὰ τὰς προσεχεῖς ἡμέρας, ὅπως ἀνεκοινώθη ὑπὸ τῶν ἁρμοδίων.

Εἰς τὴν συνεδρίασιν παρέστησαν οἱ ἀντιπρόσωποι ὅλων τῶν χωρῶν μελῶν καὶ ἀπεφασίσθη ἡ συνέχισις τῶν ἐργασιῶν κατὰ τὰς προσεχεῖς ἡμέρας, ὅπως ἀνεκοινώθη ὑπὸ τῶν ἁρμοδίων.

ΕΝΤΟΝΟΣ ΔΙΑΜΑΡΤΥΡΙΑ ΤΟΥ ΕΜΠΟΡΙΚΟΥ ΚΟΣΜΟΥ ΠΕΙΡΑΙΩΣ ΔΙΑ ΤΗΝ ΑΝΕΠΑΡΚΕΙΑΝ ΤΩΝ Ε.Η.Σ.

Εἰς τὴν συνεδρίασιν παρέστησαν οἱ ἀντιπρόσωποι ὅλων τῶν χωρῶν μελῶν καὶ ἀπεφασίσθη ἡ συνέχισις τῶν ἐργασιῶν κατὰ τὰς προσεχεῖς ἡμέρας, ὅπως ἀνεκοινώθη ὑπὸ τῶν ἁρμοδίων.

Εἰς τὴν συνεδρίασιν παρέστησαν οἱ ἀντιπρόσωποι ὅλων τῶν χωρῶν μελῶν καὶ ἀπεφασίσθη ἡ συνέχισις τῶν ἐργασιῶν κατὰ τὰς προσεχεῖς ἡμέρας, ὅπως ἀνεκοινώθη ὑπὸ τῶν ἁρμοδίων.

Εἰς τὴν συνεδρίασιν παρέστησαν οἱ ἀντιπρόσωποι ὅλων τῶν χωρῶν μελῶν καὶ ἀπεφασίσθη ἡ συνέχισις τῶν ἐργασιῶν κατὰ τὰς προσεχεῖς ἡμέρας, ὅπως ἀνεκοινώθη ὑπὸ τῶν ἁρμοδίων.

ΜΕΤΑΦΟΡΑΙ ΠΟΛΕΜΙΚΟΥ ΥΛΙΚΟΥ ΕΙΣ ΤΟ ΒΙΕΤΝΑΜ

Εἰς τὴν συνεδρίασιν παρέστησαν οἱ ἀντιπρόσωποι ὅλων τῶν χωρῶν μελῶν καὶ ἀπεφασίσθη ἡ συνέχισις τῶν ἐργασιῶν κατὰ τὰς προσεχεῖς ἡμέρας, ὅπως ἀνεκοινώθη ὑπὸ τῶν ἁρμοδίων.

ΕΠΕΚΕ ΔΙΔΥΜΑ ΜΕ ΔΙΑΦΟΡΑΝ 25 ΗΜΕΡΩΝ ΤΟ ΕΝ ΑΠΟ ΤΟ ΑΛΛΟ

Εἰς τὴν συνεδρίασιν παρέστησαν οἱ ἀντιπρόσωποι ὅλων τῶν χωρῶν μελῶν καὶ ἀπεφασίσθη ἡ συνέχισις τῶν ἐργασιῶν κατὰ τὰς προσεχεῖς ἡμέρας, ὅπως ἀνεκοινώθη ὑπὸ τῶν ἁρμοδίων.

Εἰς τὴν συνεδρίασιν παρέστησαν οἱ ἀντιπρόσωποι ὅλων τῶν χωρῶν μελῶν καὶ ἀπεφασίσθη ἡ συνέχισις τῶν ἐργασιῶν κατὰ τὰς προσεχεῖς ἡμέρας, ὅπως ἀνεκοινώθη ὑπὸ τῶν ἁρμοδίων.

ΔΥΝΑΤΑΙ ΝΑ ΕΠΕΜΒΑΙΝΗ Η ΚΥΒΕΡΝΗΣΙΣ ΤΗΝ ΗΠΑ ΑΝΕΥ ΤΗΣ ΒΟΥΛΗΣ

Εἰς τὴν συνεδρίασιν παρέστησαν οἱ ἀντιπρόσωποι ὅλων τῶν χωρῶν μελῶν καὶ ἀπεφασίσθη ἡ συνέχισις τῶν ἐργασιῶν κατὰ τὰς προσεχεῖς ἡμέρας, ὅπως ἀνεκοινώθη ὑπὸ τῶν ἁρμοδίων.

ΣΥΝΕΧΙΖΕΤΑΙ Η ΚΑΤΑΣΚΕΥΗ ΤΟΥ ΦΑΟ ΕΝ ΕΛΛΑΔΙ

Εἰς τὴν συνεδρίασιν παρέστησαν οἱ ἀντιπρόσωποι ὅλων τῶν χωρῶν μελῶν καὶ ἀπεφασίσθη ἡ συνέχισις τῶν ἐργασιῶν κατὰ τὰς προσεχεῖς ἡμέρας, ὅπως ἀνεκοινώθη ὑπὸ τῶν ἁρμοδίων.

Η ΠΑΝΑΘΗΝΑΙΚΗ ΣΥΓΚΕΝΤΡΩΣΙΣ ΑΝΕΒΛΗΘΗ

Εἰς τὴν συνεδρίασιν παρέστησαν οἱ ἀντιπρόσωποι ὅλων τῶν χωρῶν μελῶν καὶ ἀπεφασίσθη ἡ συνέχισις τῶν ἐργασιῶν κατὰ τὰς προσεχεῖς ἡμέρας, ὅπως ἀνεκοινώθη ὑπὸ τῶν ἁρμοδίων.
